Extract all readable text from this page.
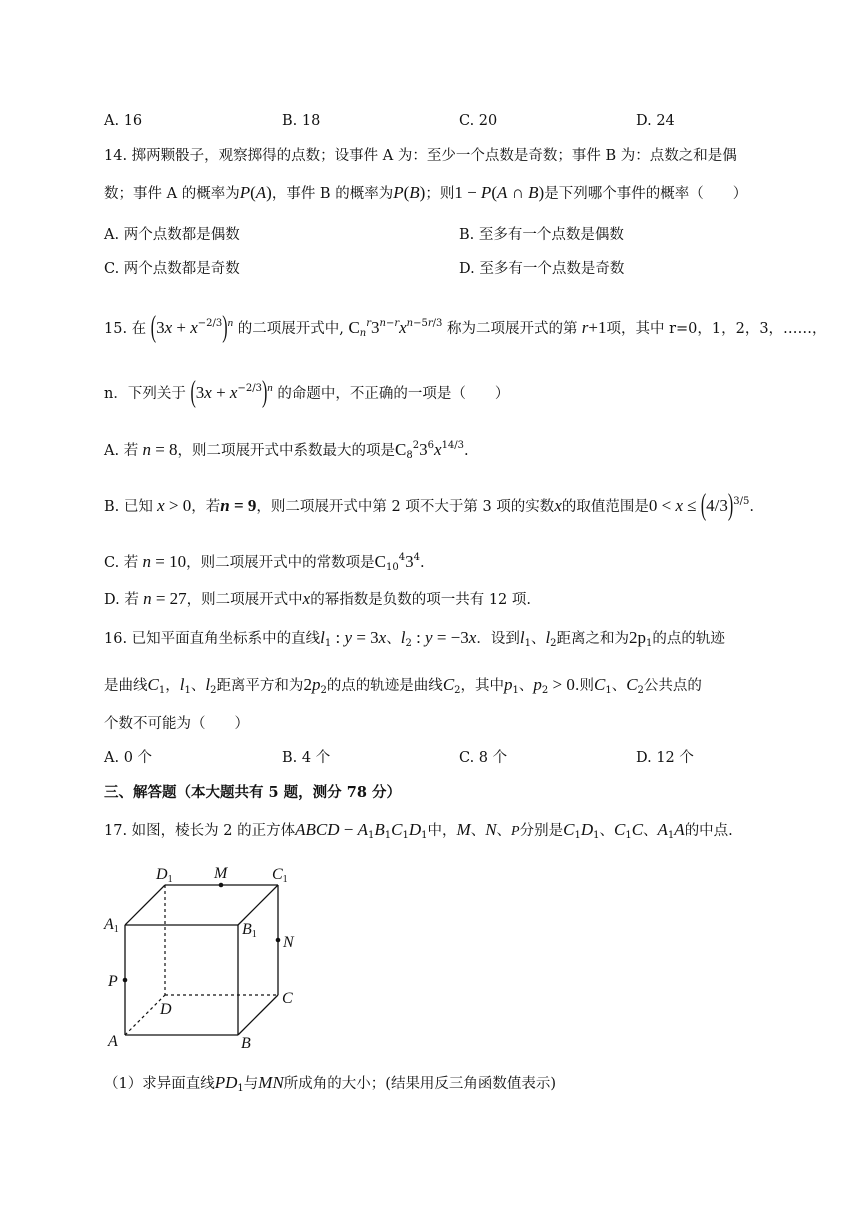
A. 16	B. 18	C. 20	D. 24
14. 掷两颗骰子，观察掷得的点数；设事件 A 为：至少一个点数是奇数；事件 B 为：点数之和是偶
数；事件 A 的概率为P(A)，事件 B 的概率为P(B)；则1 − P(A ∩ B)是下列哪个事件的概率（　　）
A. 两个点数都是偶数	B. 至多有一个点数是偶数
C. 两个点数都是奇数	D. 至多有一个点数是奇数
15. 在 $(3x + x^{-2/3})^n$ 的二项展开式中, $C_n^r3^{n-r}x^{n-5r/3}$ 称为二项展开式的第 r+1项，其中 r=0，1，2，3，……，
n．下列关于 $(3x + x^{-2/3})^n$ 的命题中，不正确的一项是（　　）
A. 若 n = 8，则二项展开式中系数最大的项是$C_8^23^6x^{14/3}$.
B. 已知 x > 0，若n = 9，则二项展开式中第 2 项不大于第 3 项的实数x的取值范围是$0 < x \le (4/3)^{3/5}$.
C. 若 n = 10，则二项展开式中的常数项是$C_{10}^43^4$.
D. 若 n = 27，则二项展开式中x的幂指数是负数的项一共有 12 项.
16. 已知平面直角坐标系中的直线$l_1$ : y = 3x、$l_2$ : y = −3x．设到$l_1$、$l_2$距离之和为$2p_1$的点的轨迹
是曲线$C_1$，$l_1$、$l_2$距离平方和为$2p_2$的点的轨迹是曲线$C_2$，其中$p_1$、$p_2 > 0$.则$C_1$、$C_2$公共点的
个数不可能为（　　）
A. 0 个	B. 4 个	C. 8 个	D. 12 个
三、解答题（本大题共有 5 题，测分 78 分）
17. 如图，棱长为 2 的正方体ABCD − $A_1B_1C_1D_1$中，M、N、P分别是$C_1D_1$、$C_1C$、$A_1A$的中点.
D1	M	C1
A1	B1 N
P
D
C
A	B
（1）求异面直线$PD_1$与MN所成角的大小；(结果用反三角函数值表示)
